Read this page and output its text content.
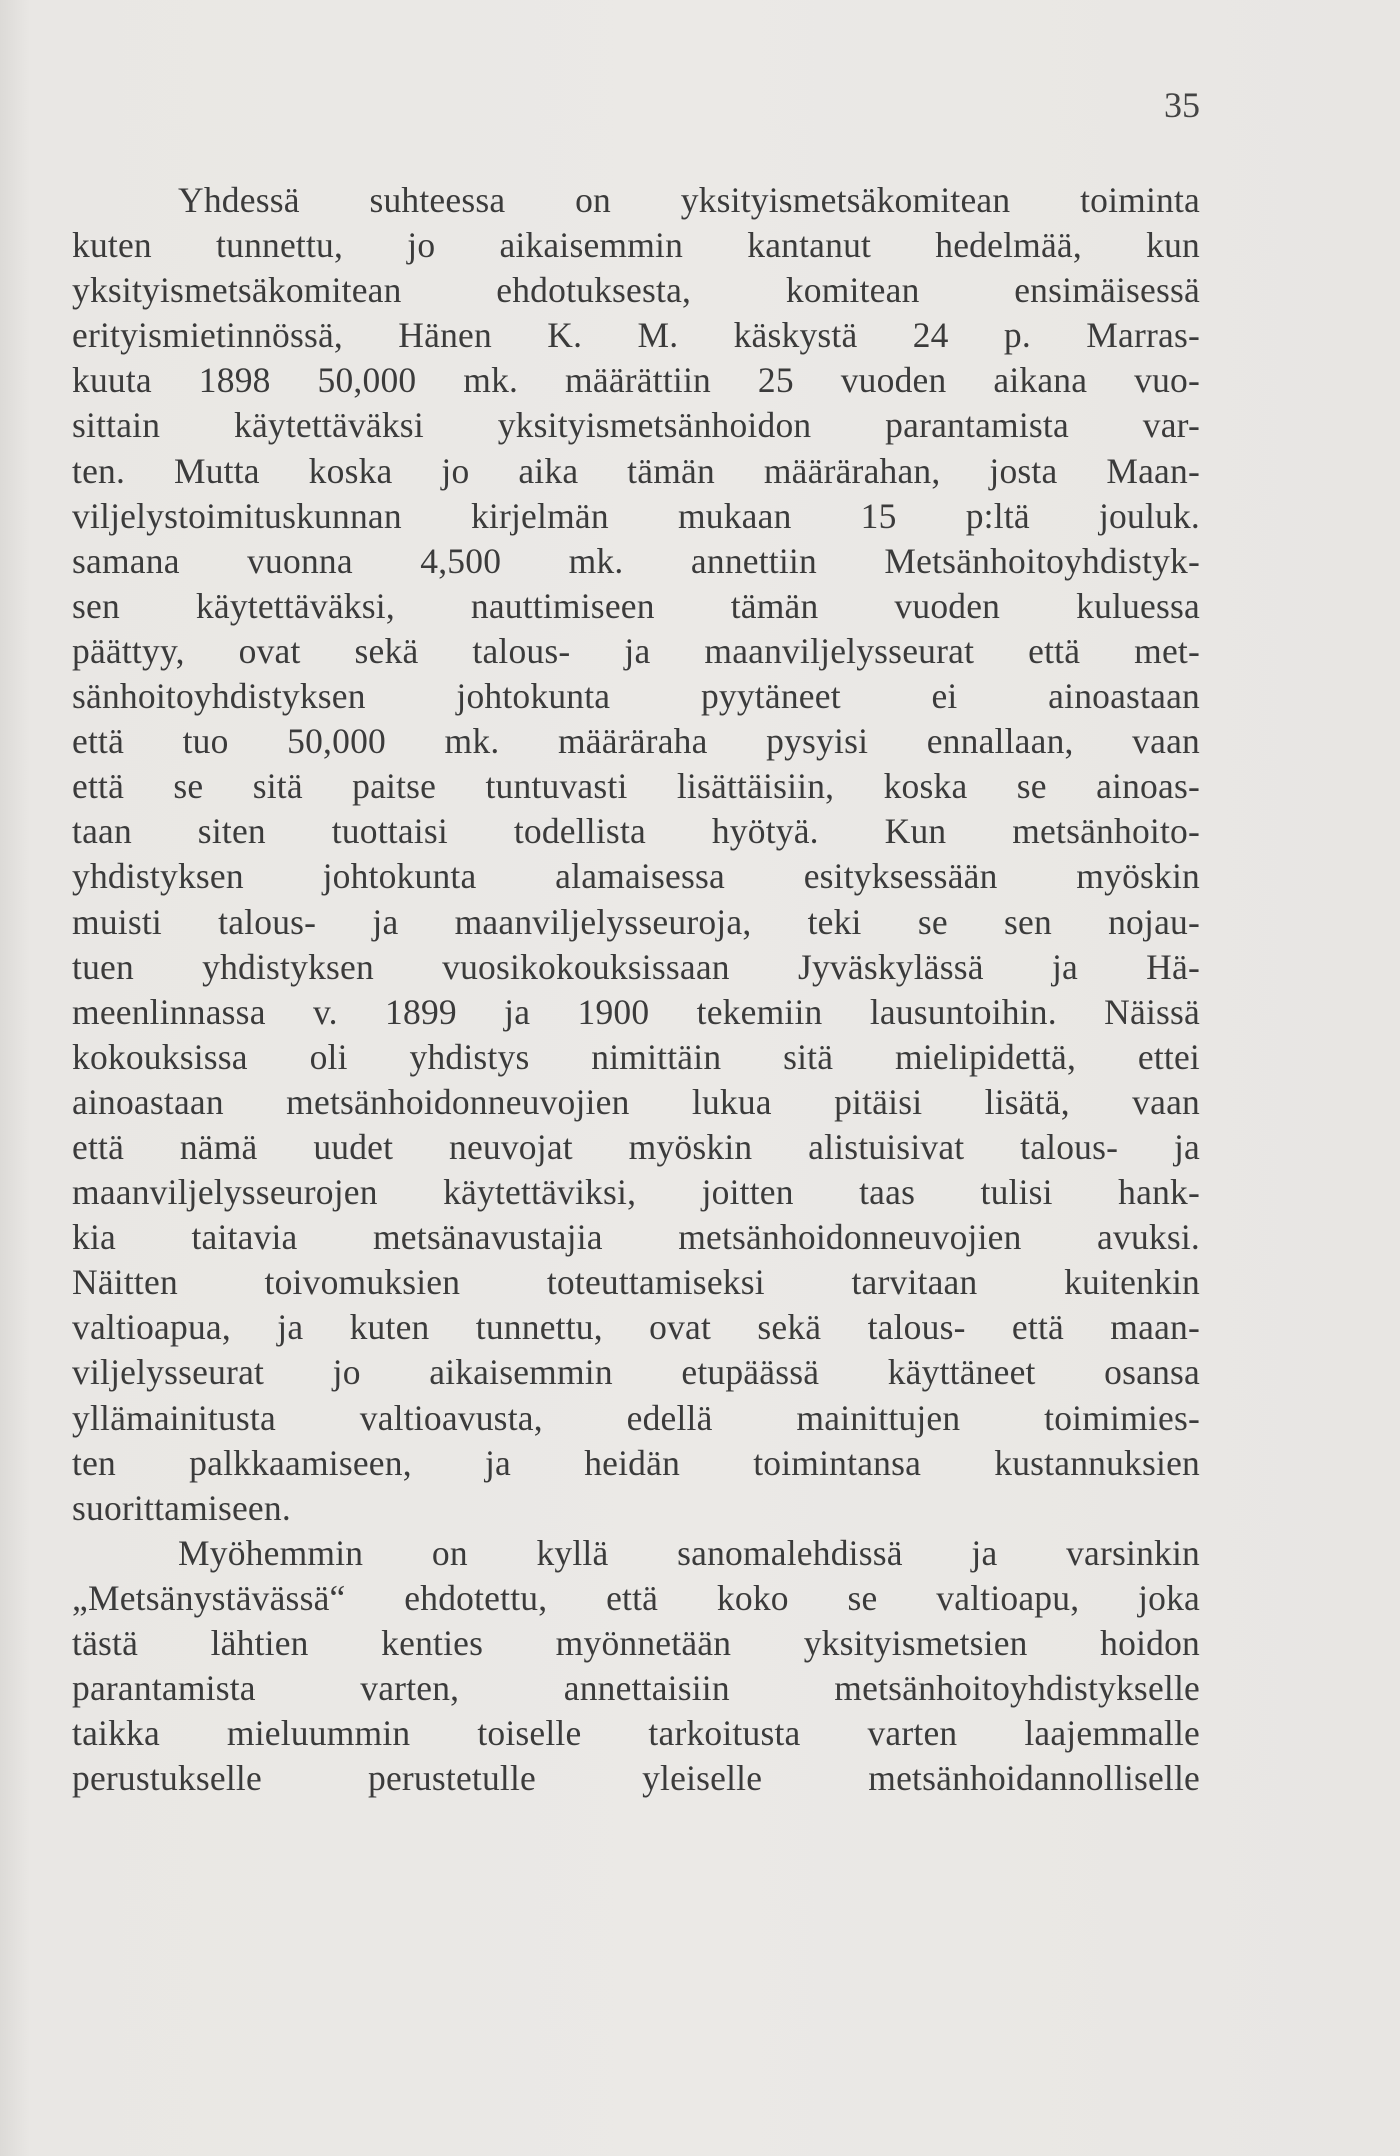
35
Yhdessä suhteessa on yksityismetsäkomitean toiminta
kuten tunnettu, jo aikaisemmin kantanut hedelmää, kun
yksityismetsäkomitean ehdotuksesta, komitean ensimäisessä
erityismietinnössä, Hänen K. M. käskystä 24 p. Marras-
kuuta 1898 50,000 mk. määrättiin 25 vuoden aikana vuo-
sittain käytettäväksi yksityismetsänhoidon parantamista var-
ten. Mutta koska jo aika tämän määrärahan, josta Maan-
viljelystoimituskunnan kirjelmän mukaan 15 p:ltä jouluk.
samana vuonna 4,500 mk. annettiin Metsänhoitoyhdistyk-
sen käytettäväksi, nauttimiseen tämän vuoden kuluessa
päättyy, ovat sekä talous- ja maanviljelysseurat että met-
sänhoitoyhdistyksen johtokunta pyytäneet ei ainoastaan
että tuo 50,000 mk. määräraha pysyisi ennallaan, vaan
että se sitä paitse tuntuvasti lisättäisiin, koska se ainoas-
taan siten tuottaisi todellista hyötyä. Kun metsänhoito-
yhdistyksen johtokunta alamaisessa esityksessään myöskin
muisti talous- ja maanviljelysseuroja, teki se sen nojau-
tuen yhdistyksen vuosikokouksissaan Jyväskylässä ja Hä-
meenlinnassa v. 1899 ja 1900 tekemiin lausuntoihin. Näissä
kokouksissa oli yhdistys nimittäin sitä mielipidettä, ettei
ainoastaan metsänhoidonneuvojien lukua pitäisi lisätä, vaan
että nämä uudet neuvojat myöskin alistuisivat talous- ja
maanviljelysseurojen käytettäviksi, joitten taas tulisi hank-
kia taitavia metsänavustajia metsänhoidonneuvojien avuksi.
Näitten toivomuksien toteuttamiseksi tarvitaan kuitenkin
valtioapua, ja kuten tunnettu, ovat sekä talous- että maan-
viljelysseurat jo aikaisemmin etupäässä käyttäneet osansa
yllämainitusta valtioavusta, edellä mainittujen toimimies-
ten palkkaamiseen, ja heidän toimintansa kustannuksien
suorittamiseen.
Myöhemmin on kyllä sanomalehdissä ja varsinkin
„Metsänystävässä“ ehdotettu, että koko se valtioapu, joka
tästä lähtien kenties myönnetään yksityismetsien hoidon
parantamista varten, annettaisiin metsänhoitoyhdistykselle
taikka mieluummin toiselle tarkoitusta varten laajemmalle
perustukselle perustetulle yleiselle metsänhoidannolliselle
